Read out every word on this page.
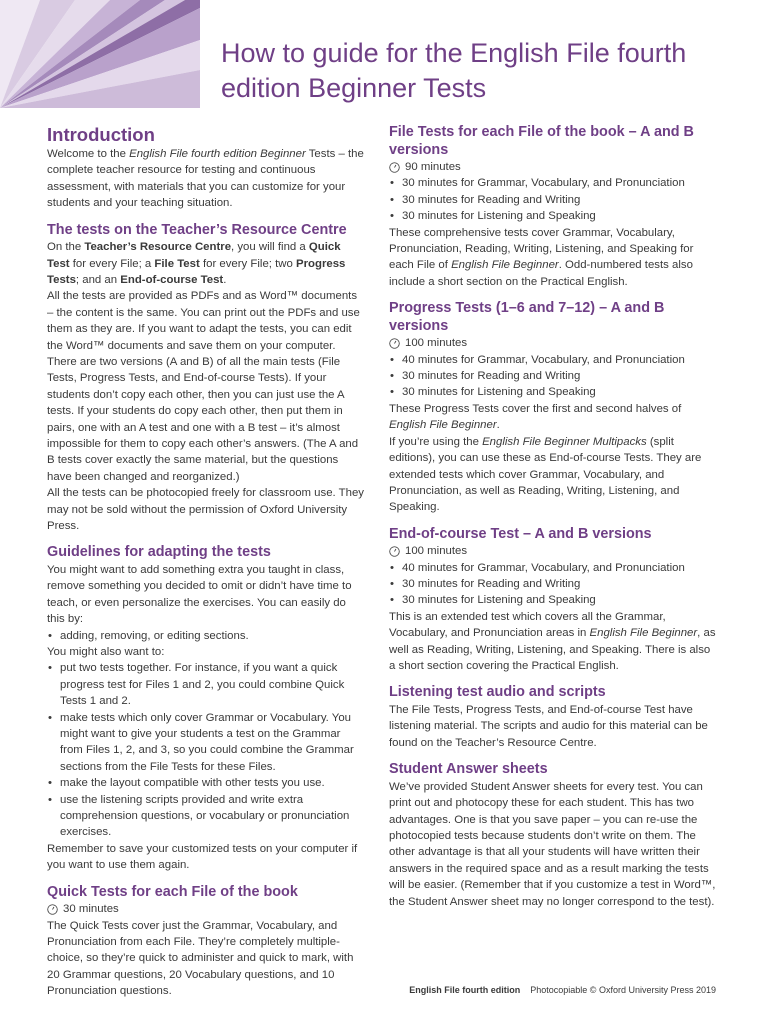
How to guide for the English File fourth edition Beginner Tests
Introduction

Welcome to the English File fourth edition Beginner Tests – the complete teacher resource for testing and continuous assessment, with materials that you can customize for your students and your teaching situation.

The tests on the Teacher’s Resource Centre

On the Teacher’s Resource Centre, you will find a Quick Test for every File; a File Test for every File; two Progress Tests; and an End-of-course Test.

All the tests are provided as PDFs and as Word™ documents – the content is the same. You can print out the PDFs and use them as they are. If you want to adapt the tests, you can edit the Word™ documents and save them on your computer.

There are two versions (A and B) of all the main tests (File Tests, Progress Tests, and End-of-course Tests). If your students don’t copy each other, then you can just use the A tests. If your students do copy each other, then put them in pairs, one with an A test and one with a B test – it’s almost impossible for them to copy each other’s answers. (The A and B tests cover exactly the same material, but the questions have been changed and reorganized.)

All the tests can be photocopied freely for classroom use. They may not be sold without the permission of Oxford University Press.

Guidelines for adapting the tests

You might want to add something extra you taught in class, remove something you decided to omit or didn’t have time to teach, or even personalize the exercises. You can easily do this by:

• adding, removing, or editing sections.

You might also want to:

• put two tests together. For instance, if you want a quick progress test for Files 1 and 2, you could combine Quick Tests 1 and 2.
• make tests which only cover Grammar or Vocabulary. You might want to give your students a test on the Grammar from Files 1, 2, and 3, so you could combine the Grammar sections from the File Tests for these Files.
• make the layout compatible with other tests you use.
• use the listening scripts provided and write extra comprehension questions, or vocabulary or pronunciation exercises.

Remember to save your customized tests on your computer if you want to use them again.

Quick Tests for each File of the book
30 minutes

The Quick Tests cover just the Grammar, Vocabulary, and Pronunciation from each File. They’re completely multiple-choice, so they’re quick to administer and quick to mark, with 20 Grammar questions, 20 Vocabulary questions, and 10 Pronunciation questions.

File Tests for each File of the book – A and B versions
90 minutes
• 30 minutes for Grammar, Vocabulary, and Pronunciation
• 30 minutes for Reading and Writing
• 30 minutes for Listening and Speaking

These comprehensive tests cover Grammar, Vocabulary, Pronunciation, Reading, Writing, Listening, and Speaking for each File of English File Beginner. Odd-numbered tests also include a short section on the Practical English.

Progress Tests (1–6 and 7–12) – A and B versions
100 minutes
• 40 minutes for Grammar, Vocabulary, and Pronunciation
• 30 minutes for Reading and Writing
• 30 minutes for Listening and Speaking

These Progress Tests cover the first and second halves of English File Beginner.

If you’re using the English File Beginner Multipacks (split editions), you can use these as End-of-course Tests. They are extended tests which cover Grammar, Vocabulary, and Pronunciation, as well as Reading, Writing, Listening, and Speaking.

End-of-course Test – A and B versions
100 minutes
• 40 minutes for Grammar, Vocabulary, and Pronunciation
• 30 minutes for Reading and Writing
• 30 minutes for Listening and Speaking

This is an extended test which covers all the Grammar, Vocabulary, and Pronunciation areas in English File Beginner, as well as Reading, Writing, Listening, and Speaking. There is also a short section covering the Practical English.

Listening test audio and scripts

The File Tests, Progress Tests, and End-of-course Test have listening material. The scripts and audio for this material can be found on the Teacher’s Resource Centre.

Student Answer sheets

We’ve provided Student Answer sheets for every test. You can print out and photocopy these for each student. This has two advantages. One is that you save paper – you can re-use the photocopied tests because students don’t write on them. The other advantage is that all your students will have written their answers in the required space and as a result marking the tests will be easier. (Remember that if you customize a test in Word™, the Student Answer sheet may no longer correspond to the test).

English File fourth edition Photocopiable © Oxford University Press 2019
